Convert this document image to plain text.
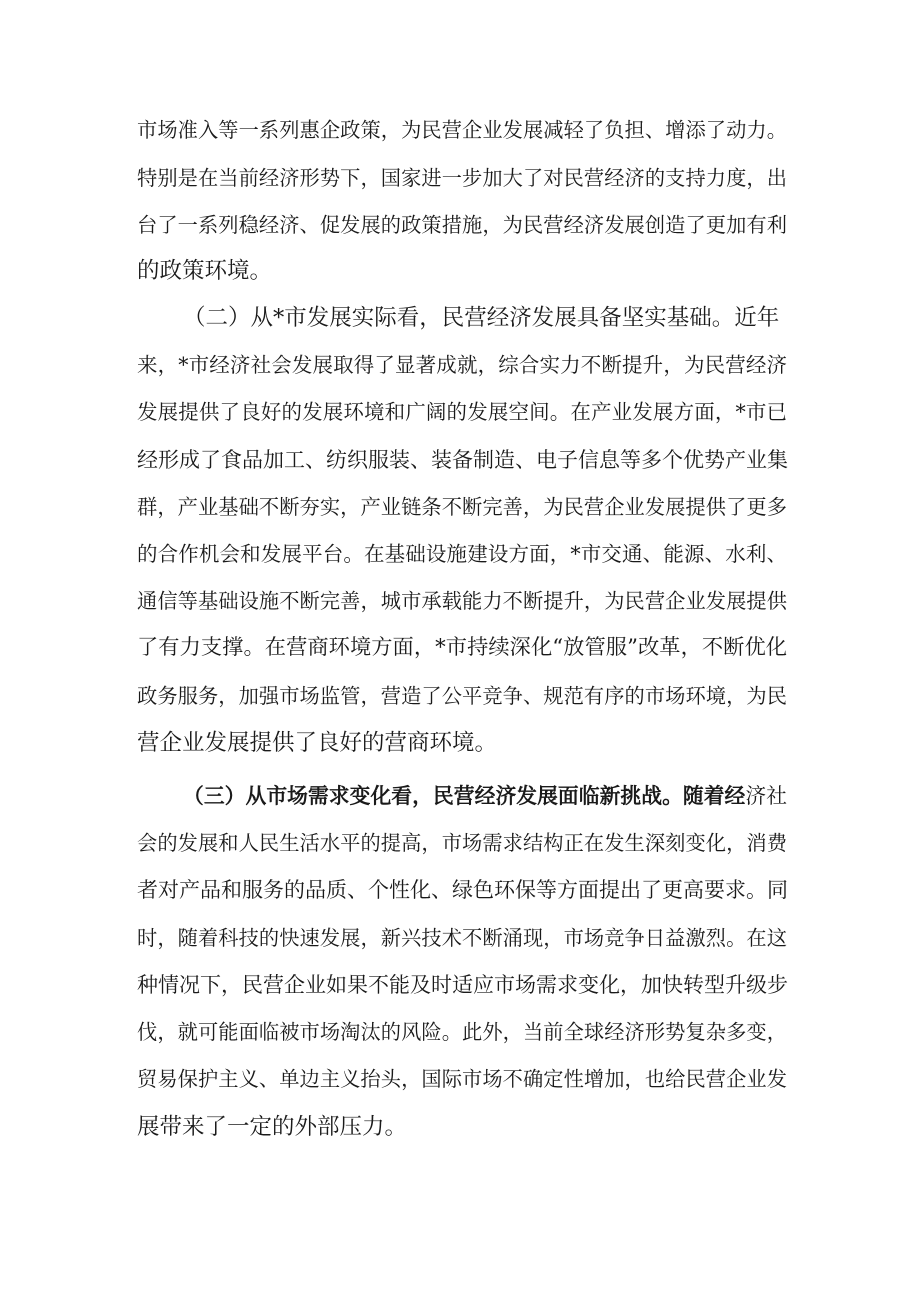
市场准入等一系列惠企政策，为民营企业发展减轻了负担、增添了动力。
特别是在当前经济形势下，国家进一步加大了对民营经济的支持力度，出
台了一系列稳经济、促发展的政策措施，为民营经济发展创造了更加有利
的政策环境。
（二）从*市发展实际看，民营经济发展具备坚实基础。近年
来，*市经济社会发展取得了显著成就，综合实力不断提升，为民营经济
发展提供了良好的发展环境和广阔的发展空间。在产业发展方面，*市已
经形成了食品加工、纺织服装、装备制造、电子信息等多个优势产业集
群，产业基础不断夯实，产业链条不断完善，为民营企业发展提供了更多
的合作机会和发展平台。在基础设施建设方面，*市交通、能源、水利、
通信等基础设施不断完善，城市承载能力不断提升，为民营企业发展提供
了有力支撑。在营商环境方面，*市持续深化“放管服”改革，不断优化
政务服务，加强市场监管，营造了公平竞争、规范有序的市场环境，为民
营企业发展提供了良好的营商环境。
（三）从市场需求变化看，民营经济发展面临新挑战。随着经济社
会的发展和人民生活水平的提高，市场需求结构正在发生深刻变化，消费
者对产品和服务的品质、个性化、绿色环保等方面提出了更高要求。同
时，随着科技的快速发展，新兴技术不断涌现，市场竞争日益激烈。在这
种情况下，民营企业如果不能及时适应市场需求变化，加快转型升级步
伐，就可能面临被市场淘汰的风险。此外，当前全球经济形势复杂多变，
贸易保护主义、单边主义抬头，国际市场不确定性增加，也给民营企业发
展带来了一定的外部压力。
